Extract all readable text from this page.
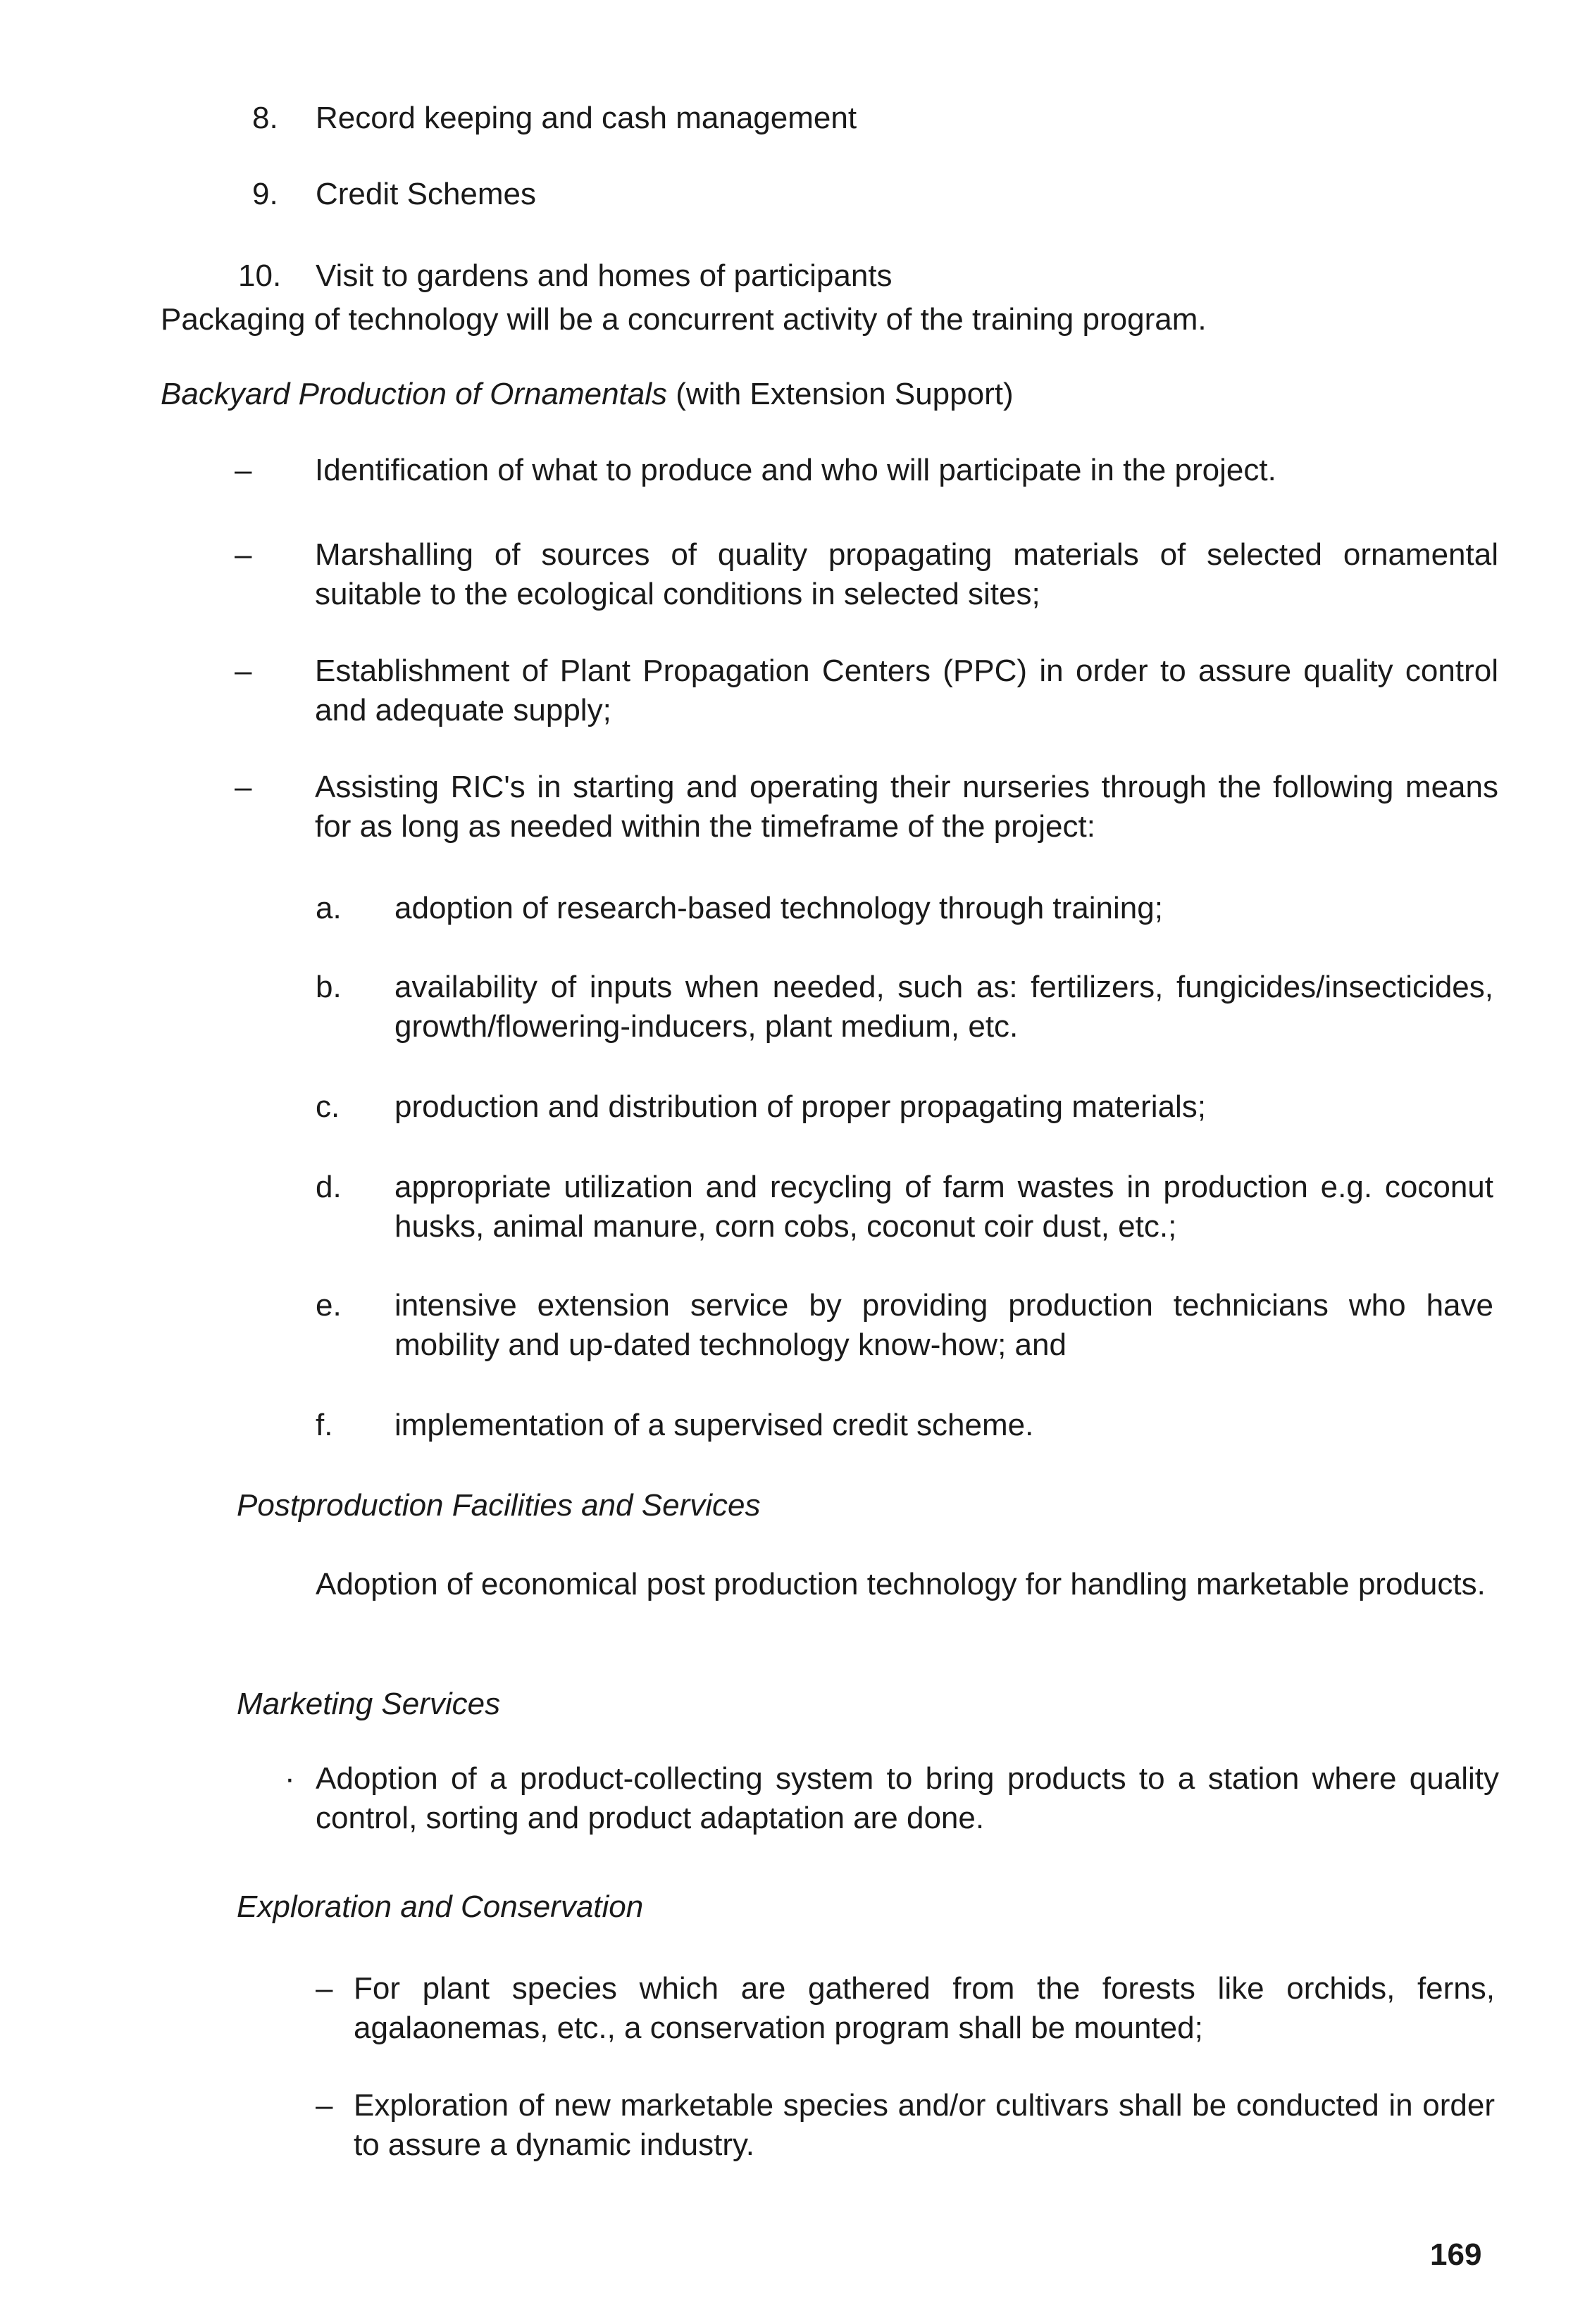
8. Record keeping and cash management
9. Credit Schemes
10. Visit to gardens and homes of participants
Packaging of technology will be a concurrent activity of the training program.
Backyard Production of Ornamentals (with Extension Support)
– Identification of what to produce and who will participate in the project.
– Marshalling of sources of quality propagating materials of selected ornamental suitable to the ecological conditions in selected sites;
– Establishment of Plant Propagation Centers (PPC) in order to assure quality control and adequate supply;
– Assisting RIC's in starting and operating their nurseries through the following means for as long as needed within the timeframe of the project:
a. adoption of research-based technology through training;
b. availability of inputs when needed, such as: fertilizers, fungicides/insecticides, growth/flowering-inducers, plant medium, etc.
c. production and distribution of proper propagating materials;
d. appropriate utilization and recycling of farm wastes in production e.g. coconut husks, animal manure, corn cobs, coconut coir dust, etc.;
e. intensive extension service by providing production technicians who have mobility and up-dated technology know-how; and
f. implementation of a supervised credit scheme.
Postproduction Facilities and Services
Adoption of economical post production technology for handling marketable products.
Marketing Services
· Adoption of a product-collecting system to bring products to a station where quality control, sorting and product adaptation are done.
Exploration and Conservation
– For plant species which are gathered from the forests like orchids, ferns, agalaonemas, etc., a conservation program shall be mounted;
– Exploration of new marketable species and/or cultivars shall be conducted in order to assure a dynamic industry.
169
